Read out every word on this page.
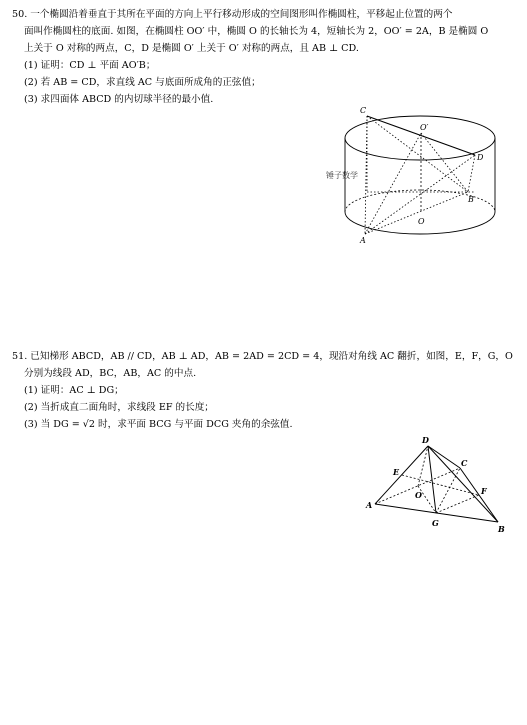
50. 一个椭圆沿着垂直于其所在平面的方向上平行移动形成的空间图形叫作椭圆柱，平移起止位置的两个
面叫作椭圆柱的底面. 如图，在椭圆柱 OO′ 中，椭圆 O 的长轴长为 4，短轴长为 2，OO′ = 2A，B 是椭圆 O
上关于 O 对称的两点，C，D 是椭圆 O′ 上关于 O′ 对称的两点，且 AB ⊥ CD.
(1) 证明：CD ⊥ 平面 AO′B；
(2) 若 AB = CD，求直线 AC 与底面所成角的正弦值；
(3) 求四面体 ABCD 的内切球半径的最小值.
C
O′
D
B
O
A
锤子数学
51. 已知梯形 ABCD，AB // CD，AB ⊥ AD，AB = 2AD = 2CD = 4，现沿对角线 AC 翻折，如图，E，F，G，O
分别为线段 AD，BC，AB，AC 的中点.
(1) 证明：AC ⊥ DG；
(2) 当折成直二面角时，求线段 EF 的长度；
(3) 当 DG = √2 时，求平面 BCG 与平面 DCG 夹角的余弦值.
D
C
E
F
O
A
G
B
